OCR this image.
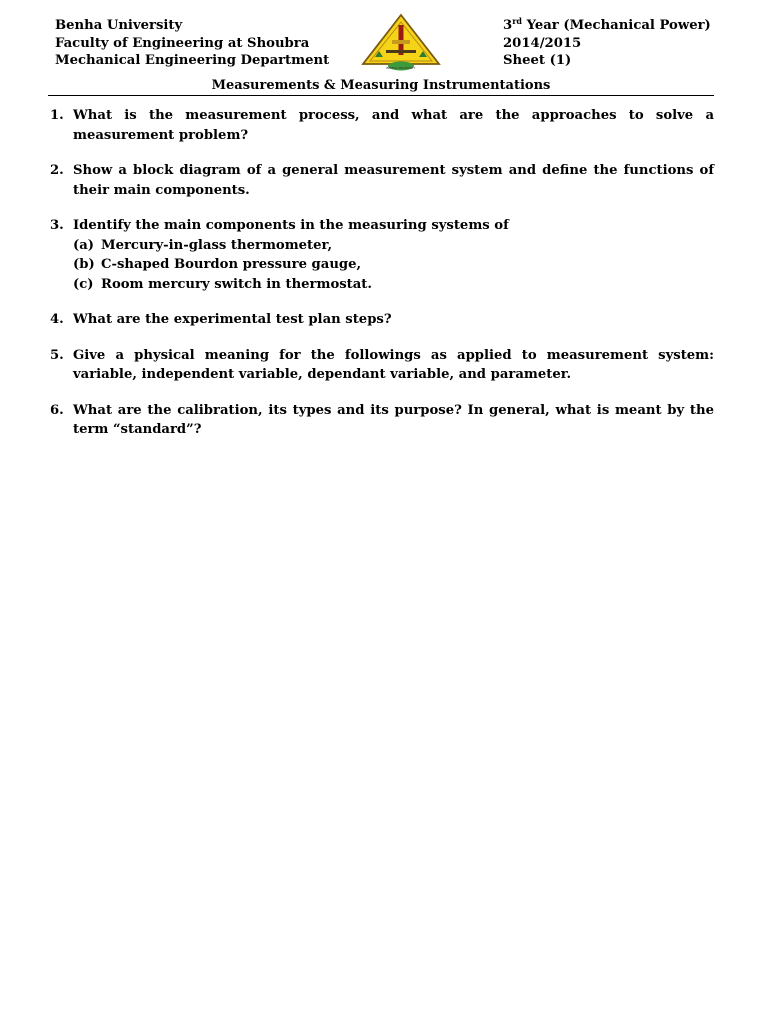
Benha University
Faculty of Engineering at Shoubra
Mechanical Engineering Department	BENHA UNIVERSITY
3rd Year (Mechanical Power)
2014/2015
Sheet (1)
Measurements & Measuring Instrumentations
1. What is the measurement process, and what are the approaches to solve a measurement problem?
2. Show a block diagram of a general measurement system and define the functions of their main components.
3. Identify the main components in the measuring systems of
(a) Mercury-in-glass thermometer,
(b) C-shaped Bourdon pressure gauge,
(c) Room mercury switch in thermostat.
4. What are the experimental test plan steps?
5. Give a physical meaning for the followings as applied to measurement system: variable, independent variable, dependant variable, and parameter.
6. What are the calibration, its types and its purpose? In general, what is meant by the term “standard”?
